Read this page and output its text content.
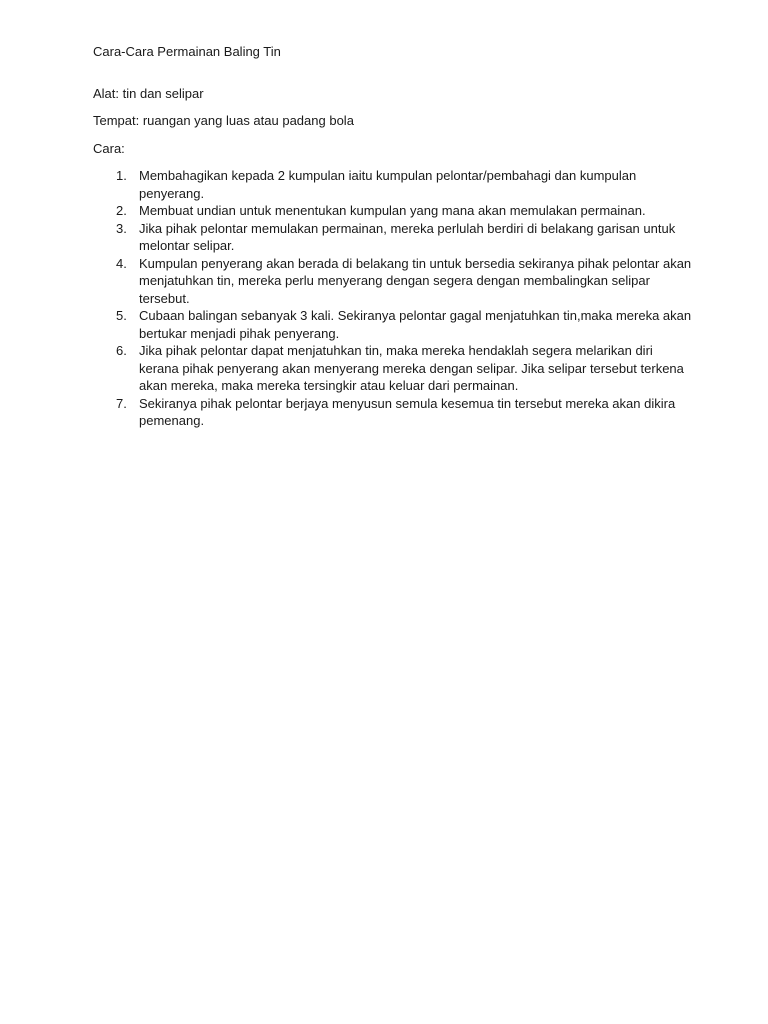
Cara-Cara Permainan Baling Tin

Alat: tin dan selipar

Tempat: ruangan yang luas atau padang bola

Cara:

1. Membahagikan kepada 2 kumpulan iaitu kumpulan pelontar/pembahagi dan kumpulan penyerang.
2. Membuat undian untuk menentukan kumpulan yang mana akan memulakan permainan.
3. Jika pihak pelontar memulakan permainan, mereka perlulah berdiri di belakang garisan untuk melontar selipar.
4. Kumpulan penyerang akan berada di belakang tin untuk bersedia sekiranya pihak pelontar akan menjatuhkan tin, mereka perlu menyerang dengan segera dengan membalingkan selipar tersebut.
5. Cubaan balingan sebanyak 3 kali. Sekiranya pelontar gagal menjatuhkan tin,maka mereka akan bertukar menjadi pihak penyerang.
6. Jika pihak pelontar dapat menjatuhkan tin, maka mereka hendaklah segera melarikan diri kerana pihak penyerang akan menyerang mereka dengan selipar. Jika selipar tersebut terkena akan mereka, maka mereka tersingkir atau keluar dari permainan.
7. Sekiranya pihak pelontar berjaya menyusun semula kesemua tin tersebut mereka akan dikira pemenang.
